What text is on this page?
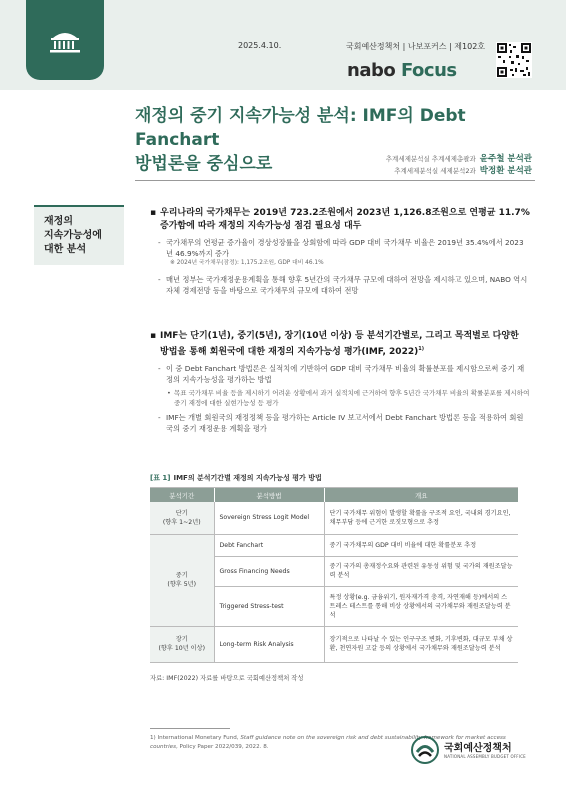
2025.4.10.	국회예산정책처 | 나보포커스 | 제102호
nabo Focus
재정의 중기 지속가능성 분석: IMF의 Debt Fanchart
방법론을 중심으로	추계세제분석실 추계세제총괄과 윤주철 분석관
추계세제분석실 세제분석2과 박정환 분석관
재정의
지속가능성에
대한 분석
▪ 우리나라의 국가채무는 2019년 723.2조원에서 2023년 1,126.8조원으로 연평균 11.7% 증가함에 따라 재정의 지속가능성 점검 필요성 대두
- 국가채무의 연평균 증가율이 경상성장률을 상회함에 따라 GDP 대비 국가채무 비율은 2019년 35.4%에서 2023년 46.9%까지 증가
※ 2024년 국가채무(잠정): 1,175.2조원, GDP 대비 46.1%
- 매년 정부는 국가재정운용계획을 통해 향후 5년간의 국가채무 규모에 대하여 전망을 제시하고 있으며, NABO 역시 자체 경제전망 등을 바탕으로 국가채무의 규모에 대하여 전망
▪ IMF는 단기(1년), 중기(5년), 장기(10년 이상) 등 분석기간별로, 그리고 목적별로 다양한 방법을 통해 회원국에 대한 재정의 지속가능성 평가(IMF, 2022)$^{1)}$
- 이 중 Debt Fanchart 방법론은 실적치에 기반하여 GDP 대비 국가채무 비율의 확률분포를 제시함으로써 중기 재정의 지속가능성을 평가하는 방법
• 목표 국가채무 비율 등을 제시하기 어려운 상황에서 과거 실적치에 근거하여 향후 5년간 국가채무 비율의 확률분포를 제시하여 중기 재정에 대한 실현가능성 등 평가
- IMF는 개별 회원국의 재정정책 등을 평가하는 Article IV 보고서에서 Debt Fanchart 방법론 등을 적용하여 회원국의 중기 재정운용 계획을 평가
[표 1] IMF의 분석기간별 재정의 지속가능성 평가 방법
분석기간	분석방법	개요
단기
(향후 1~2년)	Sovereign Stress Logit Model	단기 국가채무 위험이 발생할 확률을 구조적 요인, 국내외 경기요인, 채무부담 등에 근거한 로짓모형으로 추정
중기
(향후 5년)	Debt Fanchart	중기 국가채무의 GDP 대비 비율에 대한 확률분포 추정
	Gross Financing Needs	중기 국가의 총재정수요와 관련된 유동성 위험 및 국가의 재원조달능력 분석
	Triggered Stress-test	특정 상황(e.g. 금융위기, 원자재가격 충격, 자연재해 등)에서의 스트레스 테스트를 통해 비상 상황에서의 국가채무와 재원조달능력 분석
장기
(향후 10년 이상)	Long-term Risk Analysis	장기적으로 나타날 수 있는 인구구조 변화, 기후변화, 대규모 부채 상환, 천연자원 고갈 등의 상황에서 국가채무와 재원조달능력 분석
자료: IMF(2022) 자료를 바탕으로 국회예산정책처 작성
1) International Monetary Fund, Staff guidance note on the sovereign risk and debt sustainability framework for market access countries, Policy Paper 2022/039, 2022. 8.	국회예산정책처
NATIONAL ASSEMBLY BUDGET OFFICE
